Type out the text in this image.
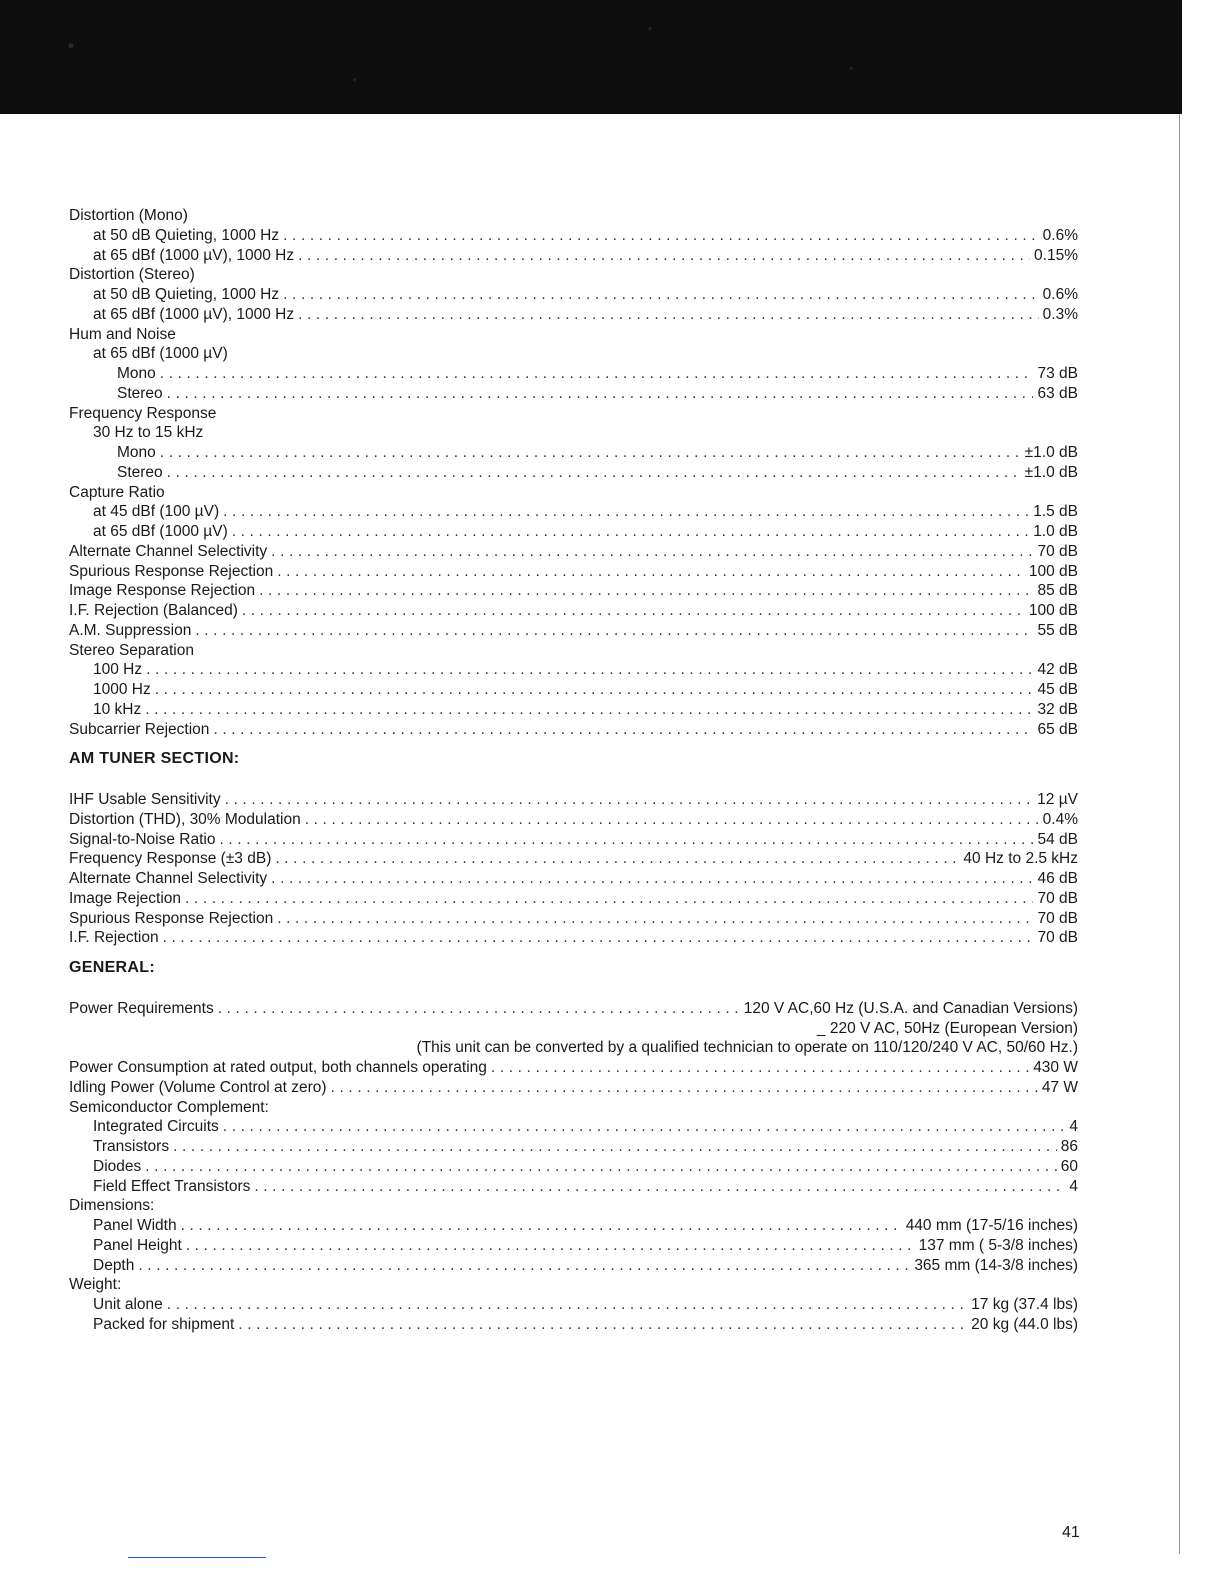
Distortion (Mono)
at 50 dB Quieting, 1000 Hz .....	0.6%
at 65 dBf (1000 µV), 1000 Hz .....	0.15%
Distortion (Stereo)
at 50 dB Quieting, 1000 Hz .....	0.6%
at 65 dBf (1000 µV), 1000 Hz .....	0.3%
Hum and Noise
at 65 dBf (1000 µV)
Mono .....	73 dB
Stereo .....	63 dB
Frequency Response
30 Hz to 15 kHz
Mono .....	±1.0 dB
Stereo .....	±1.0 dB
Capture Ratio
at 45 dBf (100 µV) .....	1.5 dB
at 65 dBf (1000 µV) .....	1.0 dB
Alternate Channel Selectivity .....	70 dB
Spurious Response Rejection .....	100 dB
Image Response Rejection .....	85 dB
I.F. Rejection (Balanced) .....	100 dB
A.M. Suppression .....	55 dB
Stereo Separation
100 Hz .....	42 dB
1000 Hz .....	45 dB
10 kHz .....	32 dB
Subcarrier Rejection .....	65 dB
AM TUNER SECTION:
IHF Usable Sensitivity .....	12 µV
Distortion (THD), 30% Modulation .....	0.4%
Signal-to-Noise Ratio .....	54 dB
Frequency Response (±3 dB) .....	40 Hz to 2.5 kHz
Alternate Channel Selectivity .....	46 dB
Image Rejection .....	70 dB
Spurious Response Rejection .....	70 dB
I.F. Rejection .....	70 dB
GENERAL:
Power Requirements .....	120 V AC,60 Hz (U.S.A. and Canadian Versions)
_ 220 V AC, 50Hz (European Version)
(This unit can be converted by a qualified technician to operate on 110/120/240 V AC, 50/60 Hz.)
Power Consumption at rated output, both channels operating .....	430 W
Idling Power (Volume Control at zero) .....	47 W
Semiconductor Complement:
Integrated Circuits .....	4
Transistors .....	86
Diodes .....	60
Field Effect Transistors .....	4
Dimensions:
Panel Width .....	440 mm (17-5/16 inches)
Panel Height .....	137 mm ( 5-3/8 inches)
Depth .....	365 mm (14-3/8 inches)
Weight:
Unit alone .....	17 kg (37.4 lbs)
Packed for shipment .....	20 kg (44.0 lbs)
41
